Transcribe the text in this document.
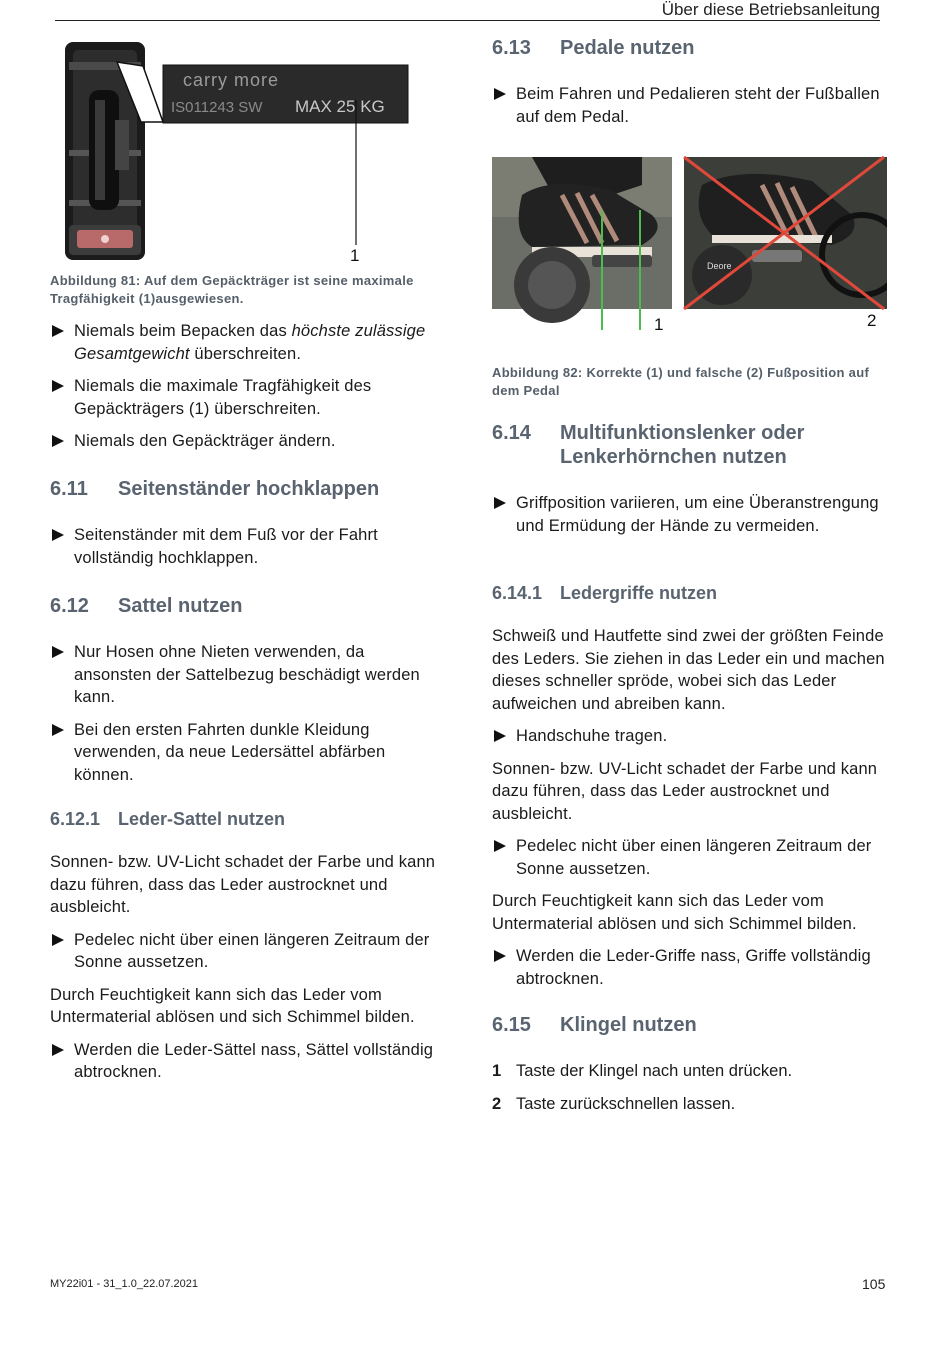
Über diese Betriebsanleitung
carry more
IS011243 SW MAX 25 KG
1
Abbildung 81: Auf dem Gepäckträger ist seine maximale Tragfähigkeit (1)ausgewiesen.
Niemals beim Bepacken das höchste zulässige Gesamtgewicht überschreiten.
Niemals die maximale Tragfähigkeit des Gepäckträgers (1) überschreiten.
Niemals den Gepäckträger ändern.
6.11	Seitenständer hochklappen
Seitenständer mit dem Fuß vor der Fahrt vollständig hochklappen.
6.12	Sattel nutzen
Nur Hosen ohne Nieten verwenden, da ansonsten der Sattelbezug beschädigt werden kann.
Bei den ersten Fahrten dunkle Kleidung verwenden, da neue Ledersättel abfärben können.
6.12.1 Leder-Sattel nutzen

Sonnen- bzw. UV-Licht schadet der Farbe und kann dazu führen, dass das Leder austrocknet und ausbleicht.

Pedelec nicht über einen längeren Zeitraum der Sonne aussetzen.

Durch Feuchtigkeit kann sich das Leder vom Untermaterial ablösen und sich Schimmel bilden.

Werden die Leder-Sättel nass, Sättel vollständig abtrocknen.
6.13	Pedale nutzen
Beim Fahren und Pedalieren steht der Fußballen auf dem Pedal.
Deore
1	2
Abbildung 82: Korrekte (1) und falsche (2) Fußposition auf dem Pedal
6.14	Multifunktionslenker oder
Lenkerhörnchen nutzen
Griffposition variieren, um eine Überanstrengung und Ermüdung der Hände zu vermeiden.
6.14.1 Ledergriffe nutzen

Schweiß und Hautfette sind zwei der größten Feinde des Leders. Sie ziehen in das Leder ein und machen dieses schneller spröde, wobei sich das Leder aufweichen und abreiben kann.

Handschuhe tragen.

Sonnen- bzw. UV-Licht schadet der Farbe und kann dazu führen, dass das Leder austrocknet und ausbleicht.

Pedelec nicht über einen längeren Zeitraum der Sonne aussetzen.

Durch Feuchtigkeit kann sich das Leder vom Untermaterial ablösen und sich Schimmel bilden.

Werden die Leder-Griffe nass, Griffe vollständig abtrocknen.
6.15	Klingel nutzen
1 Taste der Klingel nach unten drücken.
2 Taste zurückschnellen lassen.
MY22i01 - 31_1.0_22.07.2021	105
